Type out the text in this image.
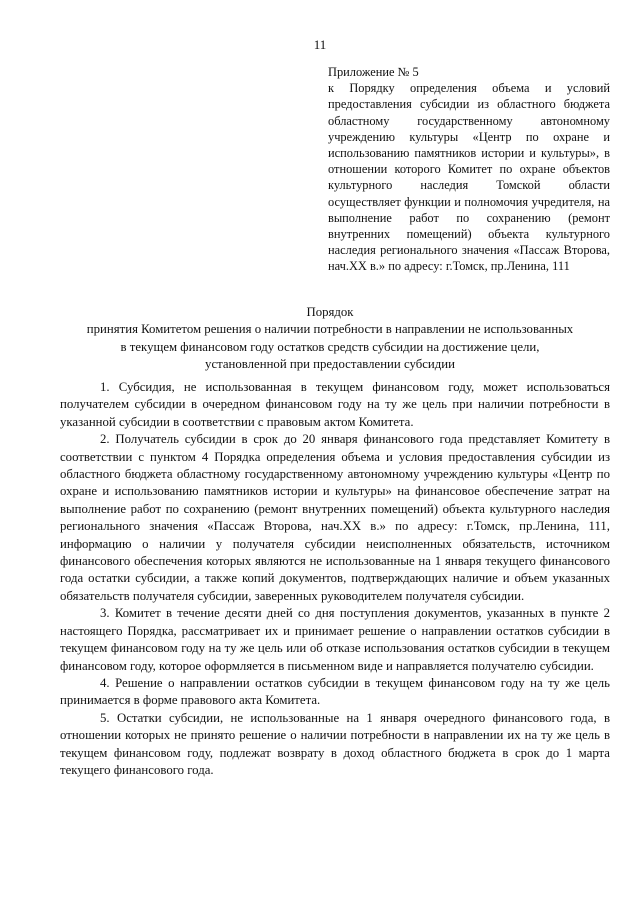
11

Приложение № 5

к Порядку определения объема и условий предоставления субсидии из областного бюджета областному государственному автономному учреждению культуры «Центр по охране и использованию памятников истории и культуры», в отношении которого Комитет по охране объектов культурного наследия Томской области осуществляет функции и полномочия учредителя, на выполнение работ по сохранению (ремонт внутренних помещений) объекта культурного наследия регионального значения «Пассаж Второва, нач.XX в.» по адресу: г.Томск, пр.Ленина, 111

Порядок
принятия Комитетом решения о наличии потребности в направлении не использованных
в текущем финансовом году остатков средств субсидии на достижение цели,
установленной при предоставлении субсидии

1. Субсидия, не использованная в текущем финансовом году, может использоваться получателем субсидии в очередном финансовом году на ту же цель при наличии потребности в указанной субсидии в соответствии с правовым актом Комитета.

2. Получатель субсидии в срок до 20 января финансового года представляет Комитету в соответствии с пунктом 4 Порядка определения объема и условия предоставления субсидии из областного бюджета областному государственному автономному учреждению культуры «Центр по охране и использованию памятников истории и культуры» на финансовое обеспечение затрат на выполнение работ по сохранению (ремонт внутренних помещений) объекта культурного наследия регионального значения «Пассаж Второва, нач.XX в.» по адресу: г.Томск, пр.Ленина, 111, информацию о наличии у получателя субсидии неисполненных обязательств, источником финансового обеспечения которых являются не использованные на 1 января текущего финансового года остатки субсидии, а также копий документов, подтверждающих наличие и объем указанных обязательств получателя субсидии, заверенных руководителем получателя субсидии.

3. Комитет в течение десяти дней со дня поступления документов, указанных в пункте 2 настоящего Порядка, рассматривает их и принимает решение о направлении остатков субсидии в текущем финансовом году на ту же цель или об отказе использования остатков субсидии в текущем финансовом году, которое оформляется в письменном виде и направляется получателю субсидии.

4. Решение о направлении остатков субсидии в текущем финансовом году на ту же цель принимается в форме правового акта Комитета.

5. Остатки субсидии, не использованные на 1 января очередного финансового года, в отношении которых не принято решение о наличии потребности в направлении их на ту же цель в текущем финансовом году, подлежат возврату в доход областного бюджета в срок до 1 марта текущего финансового года.
